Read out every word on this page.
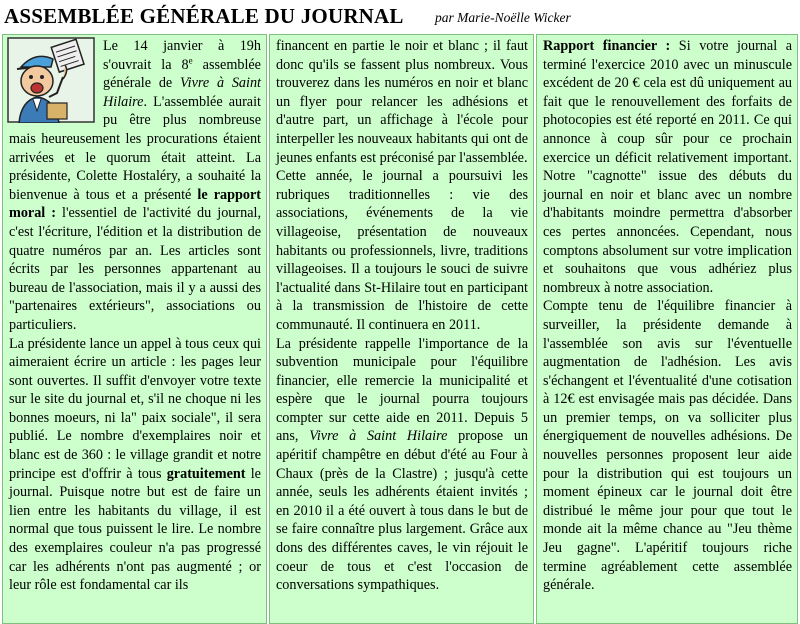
ASSEMBLÉE GÉNÉRALE DU JOURNAL par Marie-Noëlle Wicker

Le 14 janvier à 19h s'ouvrait la 8e assemblée générale de Vivre à Saint Hilaire. L'assemblée aurait pu être plus nombreuse mais heureusement les procurations étaient arrivées et le quorum était atteint. La présidente, Colette Hostaléry, a souhaité la bienvenue à tous et a présenté le rapport moral : l'essentiel de l'activité du journal, c'est l'écriture, l'édition et la distribution de quatre numéros par an. Les articles sont écrits par les personnes appartenant au bureau de l'association, mais il y a aussi des "partenaires extérieurs", associations ou particuliers.

La présidente lance un appel à tous ceux qui aimeraient écrire un article : les pages leur sont ouvertes. Il suffit d'envoyer votre texte sur le site du journal et, s'il ne choque ni les bonnes moeurs, ni la" paix sociale", il sera publié. Le nombre d'exemplaires noir et blanc est de 360 : le village grandit et notre principe est d'offrir à tous gratuitement le journal. Puisque notre but est de faire un lien entre les habitants du village, il est normal que tous puissent le lire. Le nombre des exemplaires couleur n'a pas progressé car les adhérents n'ont pas augmenté ; or leur rôle est fondamental car ils

financent en partie le noir et blanc ; il faut donc qu'ils se fassent plus nombreux. Vous trouverez dans les numéros en noir et blanc un flyer pour relancer les adhésions et d'autre part, un affichage à l'école pour interpeller les nouveaux habitants qui ont de jeunes enfants est préconisé par l'assemblée.

Cette année, le journal a poursuivi les rubriques traditionnelles : vie des associations, événements de la vie villageoise, présentation de nouveaux habitants ou professionnels, livre, traditions villageoises. Il a toujours le souci de suivre l'actualité dans St-Hilaire tout en participant à la transmission de l'histoire de cette communauté. Il continuera en 2011.

La présidente rappelle l'importance de la subvention municipale pour l'équilibre financier, elle remercie la municipalité et espère que le journal pourra toujours compter sur cette aide en 2011. Depuis 5 ans, Vivre à Saint Hilaire propose un apéritif champêtre en début d'été au Four à Chaux (près de la Clastre) ; jusqu'à cette année, seuls les adhérents étaient invités ; en 2010 il a été ouvert à tous dans le but de se faire connaître plus largement. Grâce aux dons des différentes caves, le vin réjouit le coeur de tous et c'est l'occasion de conversations sympathiques.

Rapport financier : Si votre journal a terminé l'exercice 2010 avec un minuscule excédent de 20 € cela est dû uniquement au fait que le renouvellement des forfaits de photocopies est été reporté en 2011. Ce qui annonce à coup sûr pour ce prochain exercice un déficit relativement important. Notre "cagnotte" issue des débuts du journal en noir et blanc avec un nombre d'habitants moindre permettra d'absorber ces pertes annoncées. Cependant, nous comptons absolument sur votre implication et souhaitons que vous adhériez plus nombreux à notre association.

Compte tenu de l'équilibre financier à surveiller, la présidente demande à l'assemblée son avis sur l'éventuelle augmentation de l'adhésion. Les avis s'échangent et l'éventualité d'une cotisation à 12€ est envisagée mais pas décidée. Dans un premier temps, on va solliciter plus énergiquement de nouvelles adhésions. De nouvelles personnes proposent leur aide pour la distribution qui est toujours un moment épineux car le journal doit être distribué le même jour pour que tout le monde ait la même chance au "Jeu thème Jeu gagne". L'apéritif toujours riche termine agréablement cette assemblée générale.
